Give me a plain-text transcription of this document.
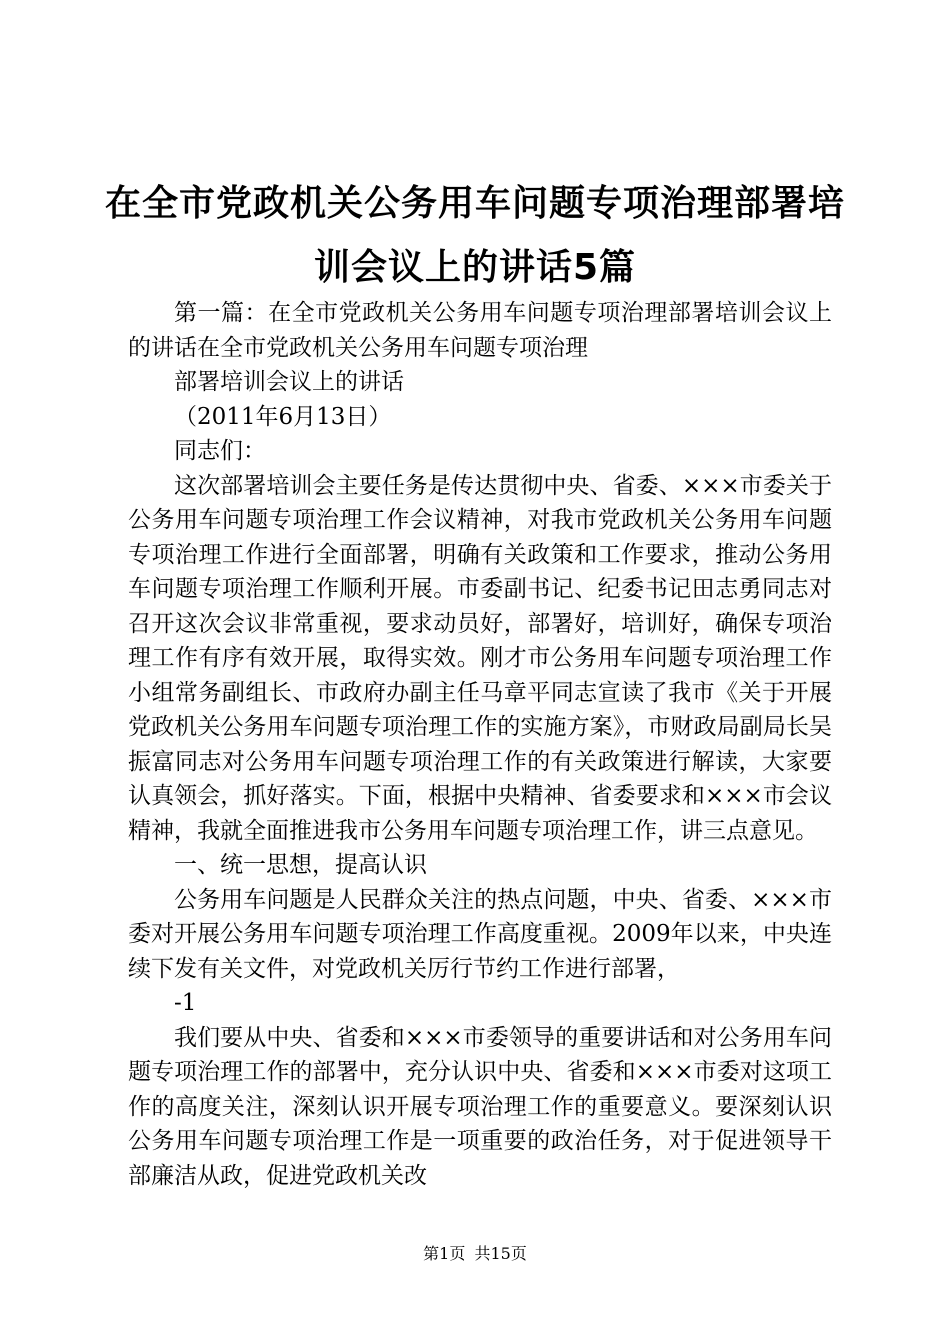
在全市党政机关公务用车问题专项治理部署培训会议上的讲话5篇

第一篇：在全市党政机关公务用车问题专项治理部署培训会议上的讲话在全市党政机关公务用车问题专项治理

部署培训会议上的讲话

（2011年6月13日）

同志们：

这次部署培训会主要任务是传达贯彻中央、省委、×××市委关于公务用车问题专项治理工作会议精神，对我市党政机关公务用车问题专项治理工作进行全面部署，明确有关政策和工作要求，推动公务用车问题专项治理工作顺利开展。市委副书记、纪委书记田志勇同志对召开这次会议非常重视，要求动员好，部署好，培训好，确保专项治理工作有序有效开展，取得实效。刚才市公务用车问题专项治理工作小组常务副组长、市政府办副主任马章平同志宣读了我市《关于开展党政机关公务用车问题专项治理工作的实施方案》，市财政局副局长吴振富同志对公务用车问题专项治理工作的有关政策进行解读，大家要认真领会，抓好落实。下面，根据中央精神、省委要求和×××市会议精神，我就全面推进我市公务用车问题专项治理工作，讲三点意见。

一、统一思想，提高认识

公务用车问题是人民群众关注的热点问题，中央、省委、×××市委对开展公务用车问题专项治理工作高度重视。2009年以来，中央连续下发有关文件，对党政机关厉行节约工作进行部署，

-1

我们要从中央、省委和×××市委领导的重要讲话和对公务用车问题专项治理工作的部署中，充分认识中央、省委和×××市委对这项工作的高度关注，深刻认识开展专项治理工作的重要意义。要深刻认识公务用车问题专项治理工作是一项重要的政治任务，对于促进领导干部廉洁从政，促进党政机关改

第1页 共15页
